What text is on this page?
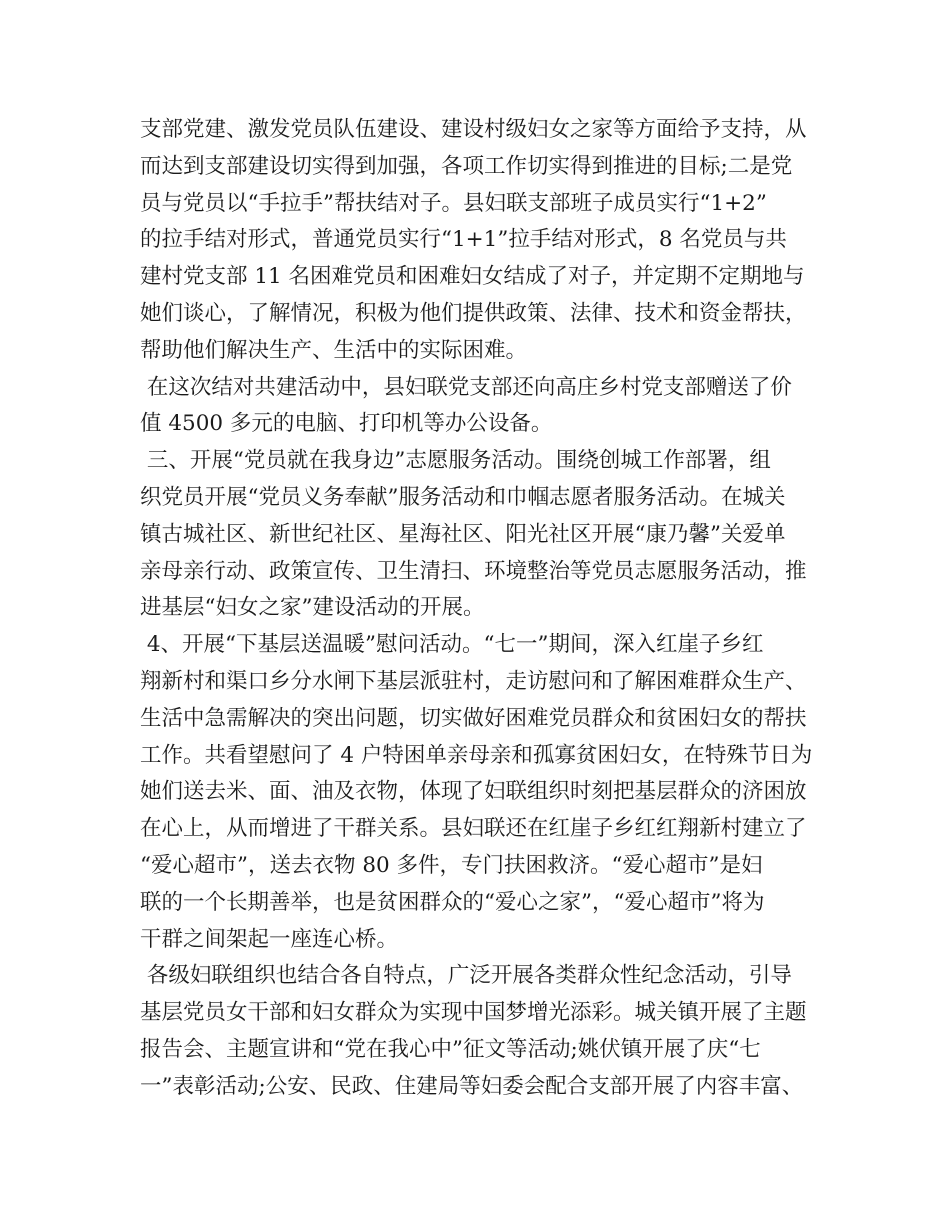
支部党建、激发党员队伍建设、建设村级妇女之家等方面给予支持，从
而达到支部建设切实得到加强，各项工作切实得到推进的目标;二是党
员与党员以“手拉手”帮扶结对子。县妇联支部班子成员实行“1+2”
的拉手结对形式，普通党员实行“1+1”拉手结对形式，8 名党员与共
建村党支部 11 名困难党员和困难妇女结成了对子，并定期不定期地与
她们谈心，了解情况，积极为他们提供政策、法律、技术和资金帮扶，
帮助他们解决生产、生活中的实际困难。
在这次结对共建活动中，县妇联党支部还向高庄乡村党支部赠送了价
值 4500 多元的电脑、打印机等办公设备。
三、开展“党员就在我身边”志愿服务活动。围绕创城工作部署，组
织党员开展“党员义务奉献”服务活动和巾帼志愿者服务活动。在城关
镇古城社区、新世纪社区、星海社区、阳光社区开展“康乃馨”关爱单
亲母亲行动、政策宣传、卫生清扫、环境整治等党员志愿服务活动，推
进基层“妇女之家”建设活动的开展。
4、开展“下基层送温暖”慰问活动。“七一”期间，深入红崖子乡红
翔新村和渠口乡分水闸下基层派驻村，走访慰问和了解困难群众生产、
生活中急需解决的突出问题，切实做好困难党员群众和贫困妇女的帮扶
工作。共看望慰问了 4 户特困单亲母亲和孤寡贫困妇女，在特殊节日为
她们送去米、面、油及衣物，体现了妇联组织时刻把基层群众的济困放
在心上，从而增进了干群关系。县妇联还在红崖子乡红红翔新村建立了
“爱心超市”，送去衣物 80 多件，专门扶困救济。“爱心超市”是妇
联的一个长期善举，也是贫困群众的“爱心之家”，“爱心超市”将为
干群之间架起一座连心桥。
各级妇联组织也结合各自特点，广泛开展各类群众性纪念活动，引导
基层党员女干部和妇女群众为实现中国梦增光添彩。城关镇开展了主题
报告会、主题宣讲和“党在我心中”征文等活动;姚伏镇开展了庆“七
一”表彰活动;公安、民政、住建局等妇委会配合支部开展了内容丰富、
